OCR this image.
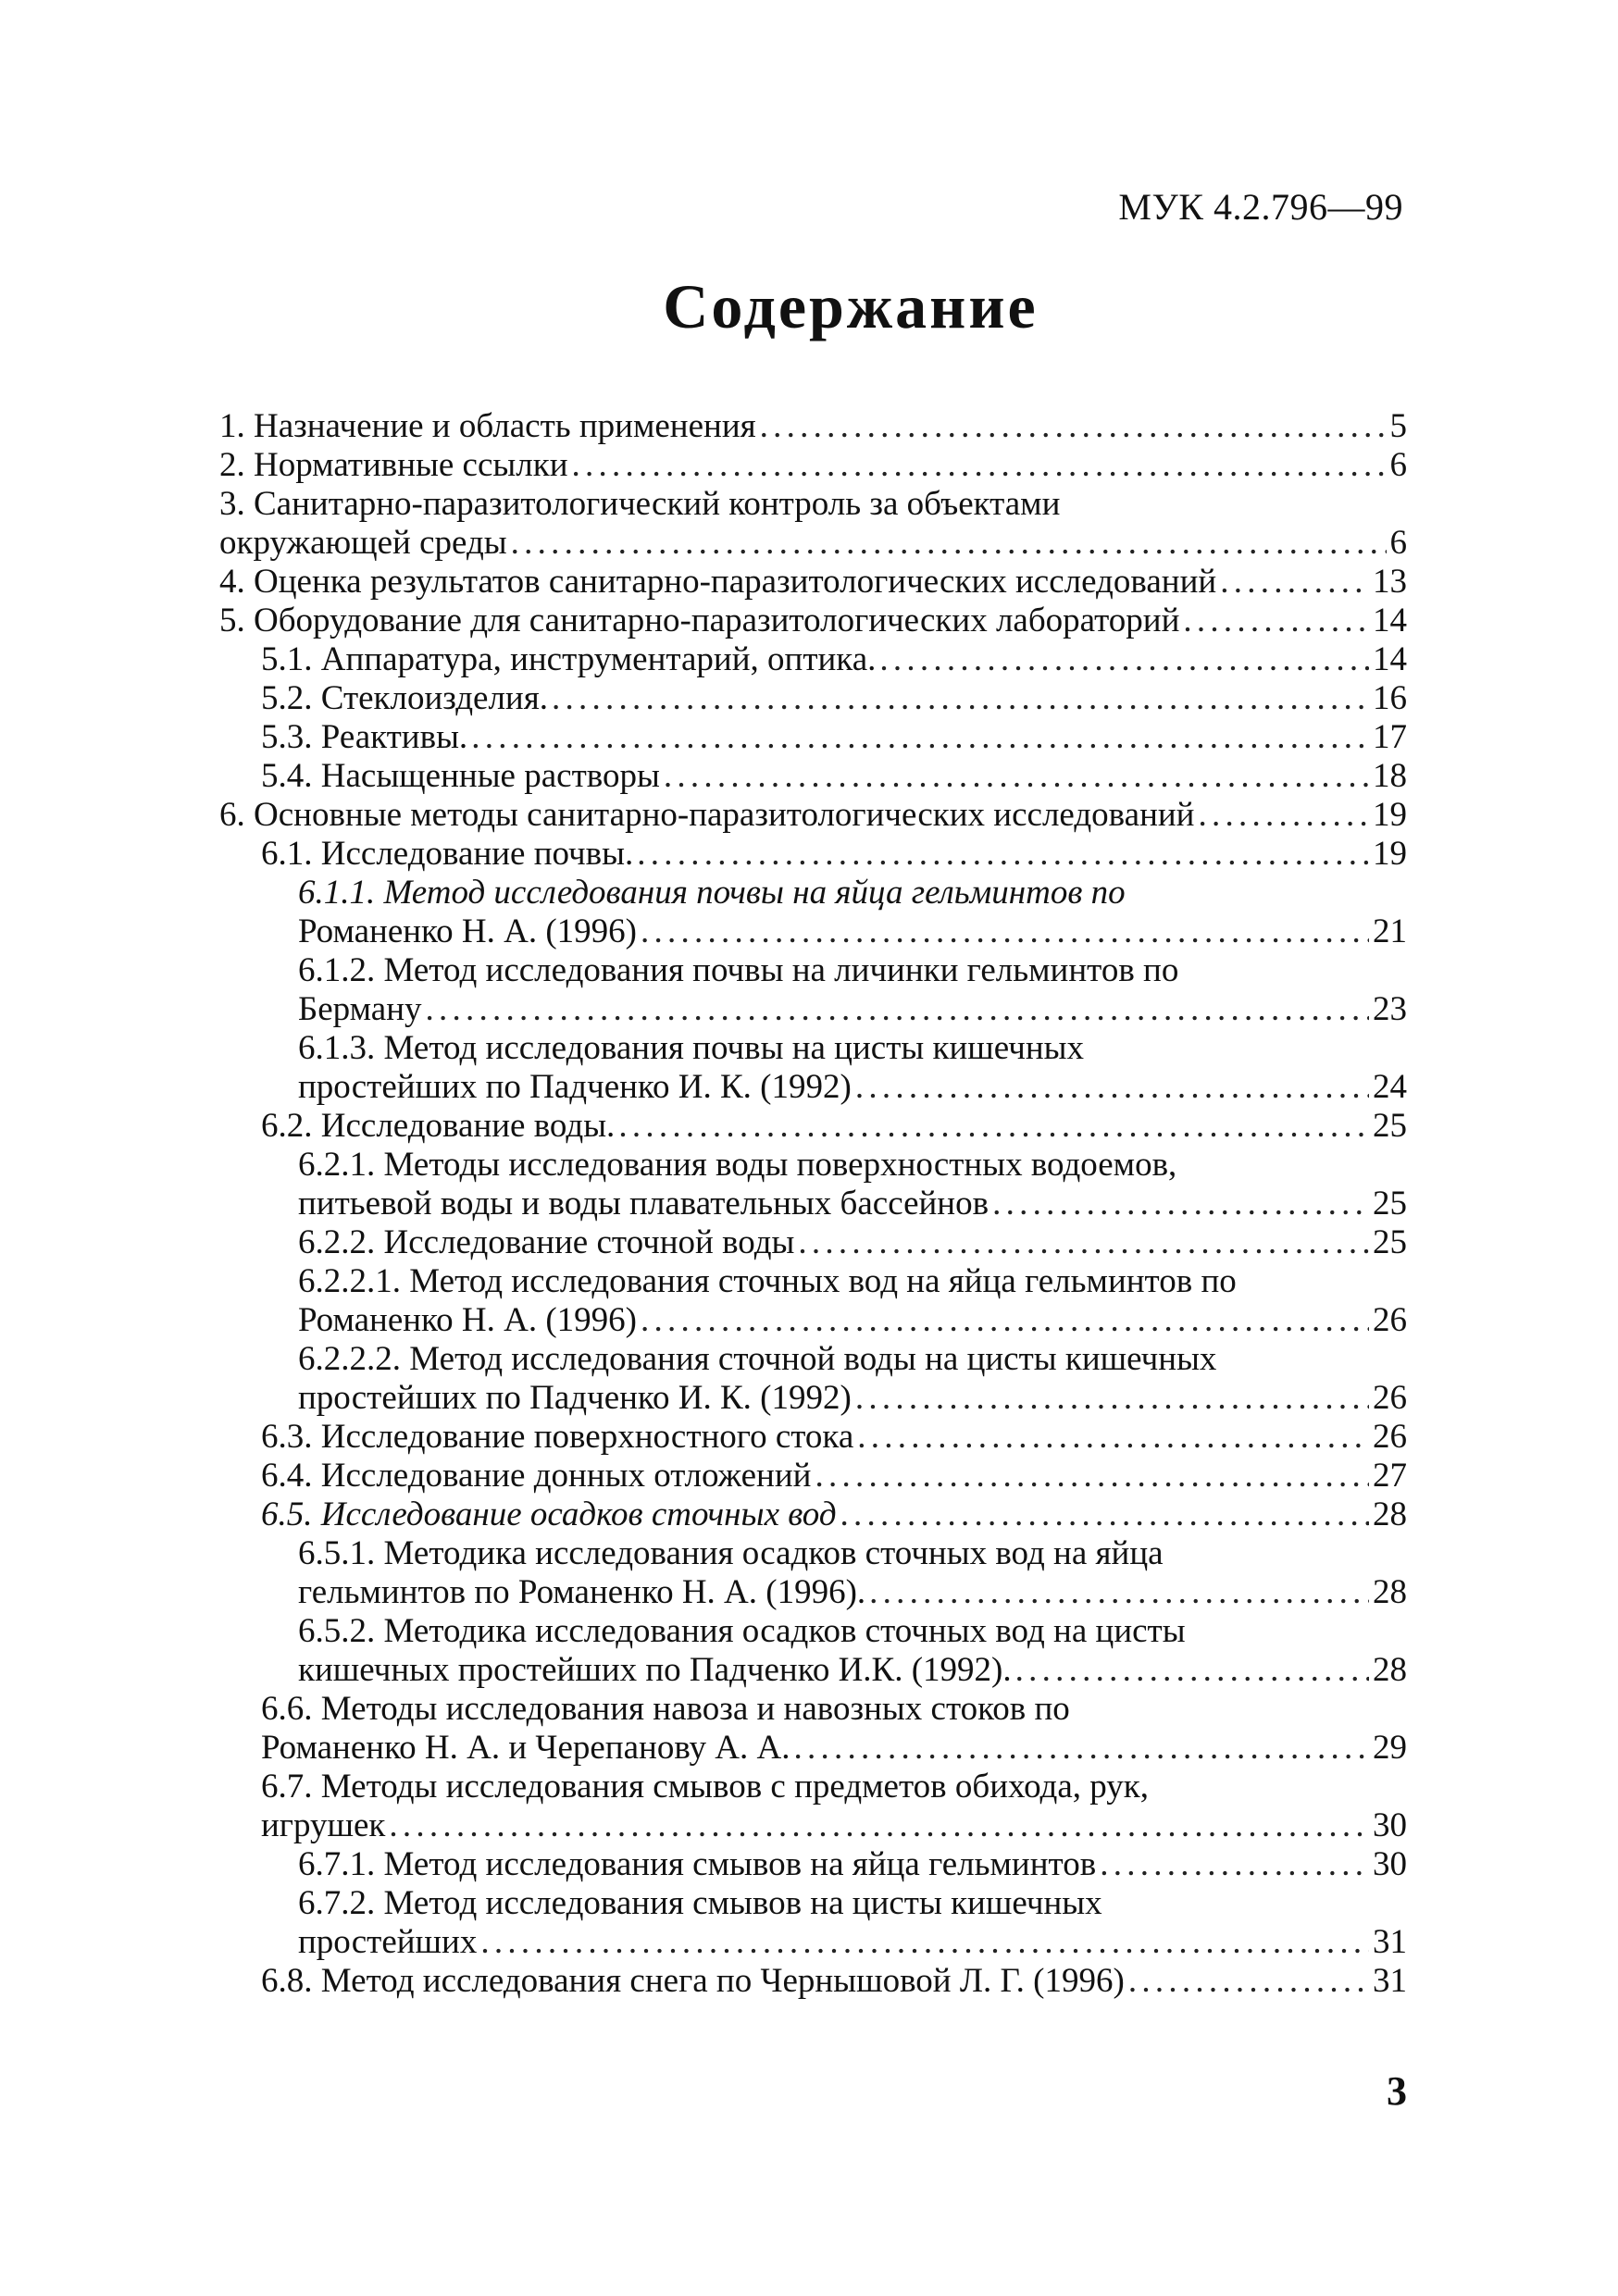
МУК 4.2.796—99
Содержание
1. Назначение и область применения . . .	5
2. Нормативные ссылки . . .	6
3. Санитарно-паразитологический контроль за объектами
окружающей среды . . .	6
4. Оценка результатов санитарно-паразитологических исследований . . .	13
5. Оборудование для санитарно-паразитологических лабораторий . . .	14
5.1. Аппаратура, инструментарий, оптика. . . .	14
5.2. Стеклоизделия. . . .	16
5.3. Реактивы. . . .	17
5.4. Насыщенные растворы . . .	18
6. Основные методы санитарно-паразитологических исследований . . .	19
6.1. Исследование почвы. . . .	19
6.1.1. Метод исследования почвы на яйца гельминтов по
Романенко Н. А. (1996) . . .	21
6.1.2. Метод исследования почвы на личинки гельминтов по
Берману . . .	23
6.1.3. Метод исследования почвы на цисты кишечных
простейших по Падченко И. К. (1992) . . .	24
6.2. Исследование воды. . . .	25
6.2.1. Методы исследования воды поверхностных водоемов,
питьевой воды и воды плавательных бассейнов . . .	25
6.2.2. Исследование сточной воды . . .	25
6.2.2.1. Метод исследования сточных вод на яйца гельминтов по
Романенко Н. А. (1996) . . .	26
6.2.2.2. Метод исследования сточной воды на цисты кишечных
простейших по Падченко И. К. (1992) . . .	26
6.3. Исследование поверхностного стока . . .	26
6.4. Исследование донных отложений . . .	27
6.5. Исследование осадков сточных вод . . .	28
6.5.1. Методика исследования осадков сточных вод на яйца
гельминтов по Романенко Н. А. (1996). . . .	28
6.5.2. Методика исследования осадков сточных вод на цисты
кишечных простейших по Падченко И.К. (1992). . . .	28
6.6. Методы исследования навоза и навозных стоков по
Романенко Н. А. и Черепанову А. А. . . .	29
6.7. Методы исследования смывов с предметов обихода, рук,
игрушек . . .	30
6.7.1. Метод исследования смывов на яйца гельминтов . . .	30
6.7.2. Метод исследования смывов на цисты кишечных
простейших . . .	31
6.8. Метод исследования снега по Чернышовой Л. Г. (1996) . . .	31
3
